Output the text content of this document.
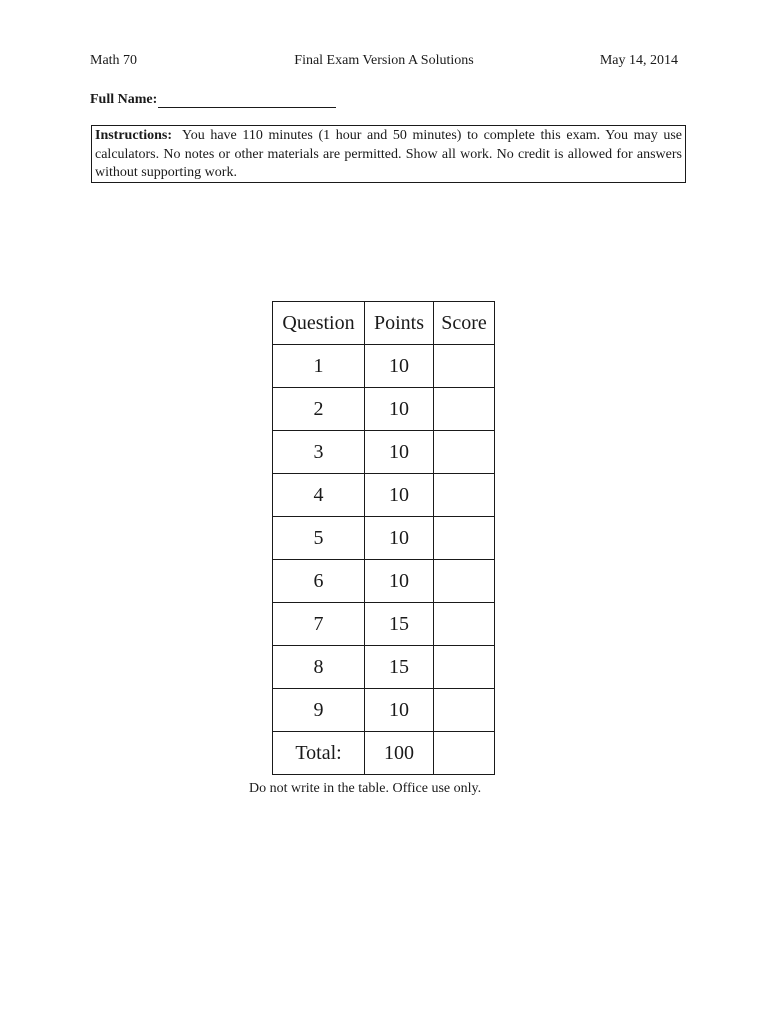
Math 70	Final Exam Version A Solutions	May 14, 2014
Full Name:
Instructions: You have 110 minutes (1 hour and 50 minutes) to complete this exam. You may use calculators. No notes or other materials are permitted. Show all work. No credit is allowed for answers without supporting work.
Question	Points	Score
1	10	
2	10	
3	10	
4	10	
5	10	
6	10	
7	15	
8	15	
9	10	
Total:	100	
Do not write in the table. Office use only.
